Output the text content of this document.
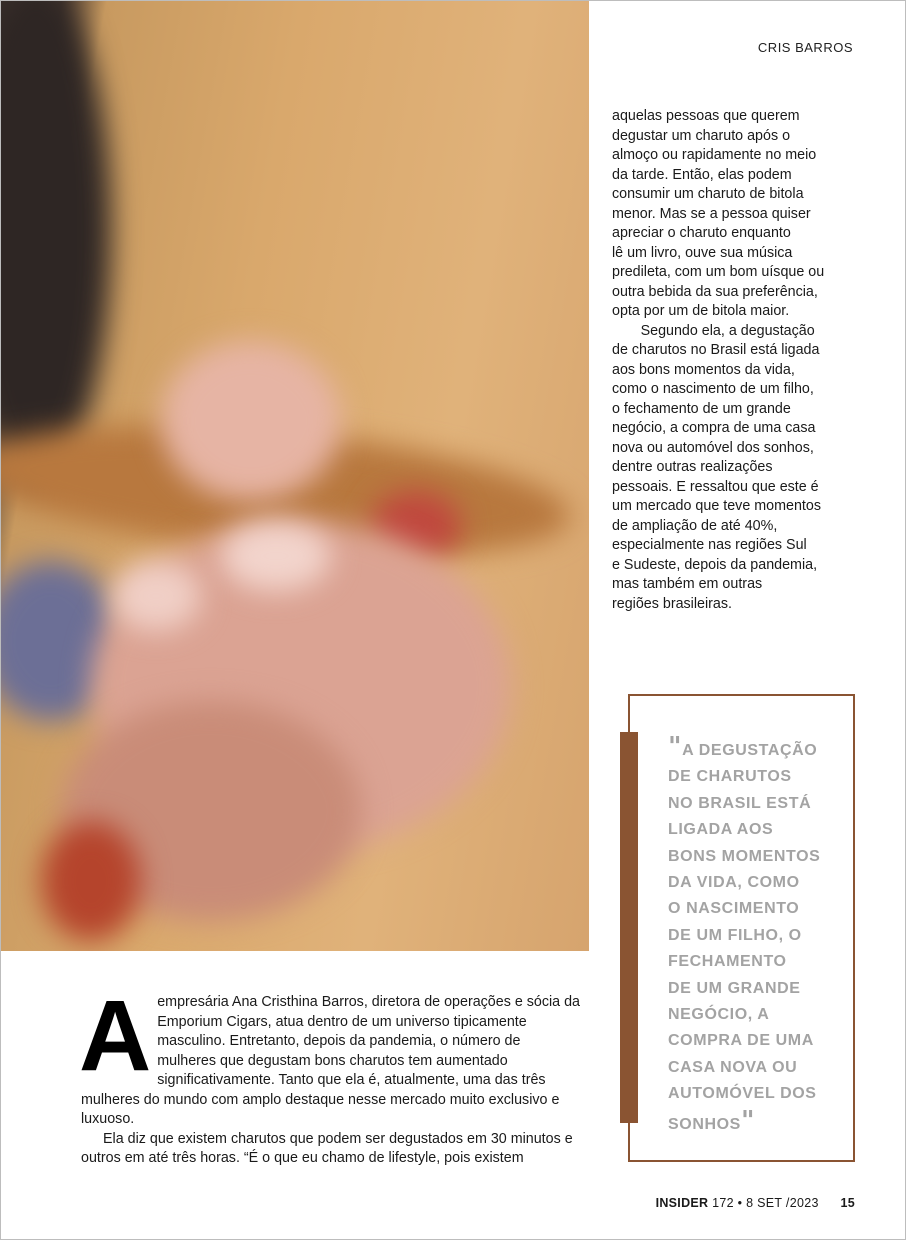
CRIS BARROS

aquelas pessoas que querem
degustar um charuto após o
almoço ou rapidamente no meio
da tarde. Então, elas podem
consumir um charuto de bitola
menor. Mas se a pessoa quiser
apreciar o charuto enquanto
lê um livro, ouve sua música
predileta, com um bom uísque ou
outra bebida da sua preferência,
opta por um de bitola maior.

  Segundo ela, a degustação
de charutos no Brasil está ligada
aos bons momentos da vida,
como o nascimento de um filho,
o fechamento de um grande
negócio, a compra de uma casa
nova ou automóvel dos sonhos,
dentre outras realizações
pessoais. E ressaltou que este é
um mercado que teve momentos
de ampliação de até 40%,
especialmente nas regiões Sul
e Sudeste, depois da pandemia,
mas também em outras
regiões brasileiras.

"A DEGUSTAÇÃO
DE CHARUTOS
NO BRASIL ESTÁ
LIGADA AOS
BONS MOMENTOS
DA VIDA, COMO
O NASCIMENTO
DE UM FILHO, O
FECHAMENTO
DE UM GRANDE
NEGÓCIO, A
COMPRA DE UMA
CASA NOVA OU
AUTOMÓVEL DOS
SONHOS"
A empresária Ana Cristhina Barros, diretora de operações e sócia da Emporium Cigars, atua dentro de um universo tipicamente masculino. Entretanto, depois da pandemia, o número de mulheres que degustam bons charutos tem aumentado significativamente. Tanto que ela é, atualmente, uma das três mulheres do mundo com amplo destaque nesse mercado muito exclusivo e luxuoso.

Ela diz que existem charutos que podem ser degustados em 30 minutos e outros em até três horas. “É o que eu chamo de lifestyle, pois existem

INSIDER 172 • 8 SET /2023 15
